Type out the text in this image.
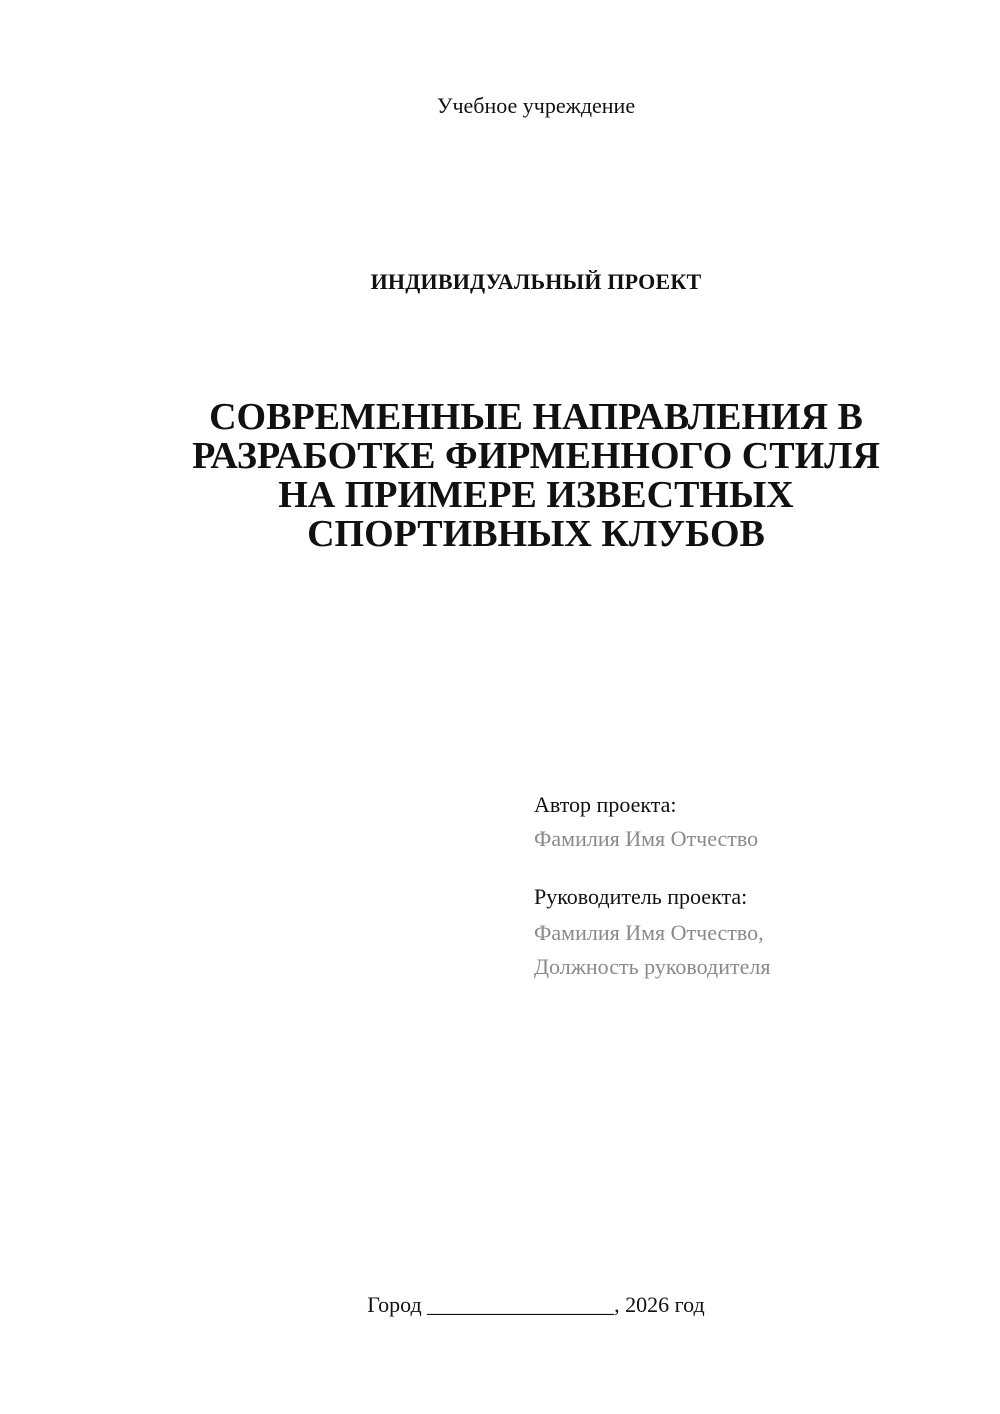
Учебное учреждение
ИНДИВИДУАЛЬНЫЙ ПРОЕКТ
СОВРЕМЕННЫЕ НАПРАВЛЕНИЯ В
РАЗРАБОТКЕ ФИРМЕННОГО СТИЛЯ
НА ПРИМЕРЕ ИЗВЕСТНЫХ
СПОРТИВНЫХ КЛУБОВ
Автор проекта:
Фамилия Имя Отчество
Руководитель проекта:
Фамилия Имя Отчество,
Должность руководителя
Город _________________, 2026 год
